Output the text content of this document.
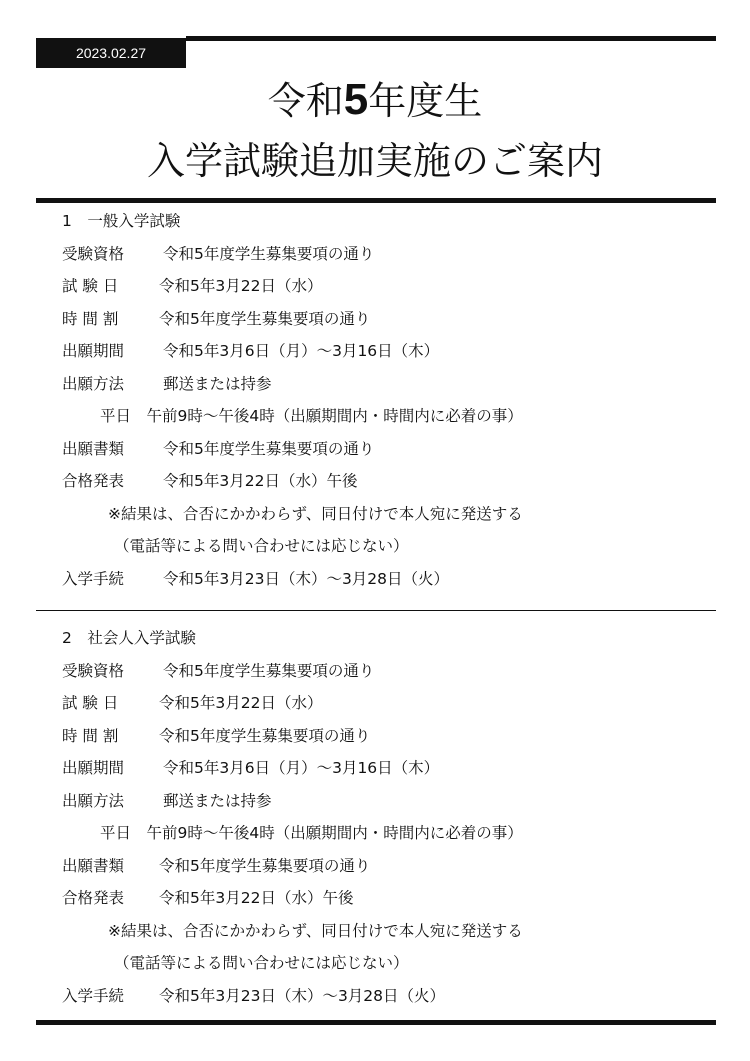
2023.02.27
令和5年度生
入学試験追加実施のご案内
1　一般入学試験
受験資格	令和5年度学生募集要項の通り
試 験 日	令和5年3月22日（水）
時 間 割	令和5年度学生募集要項の通り
出願期間	令和5年3月6日（月）～3月16日（木）
出願方法	郵送または持参
平日　午前9時～午後4時（出願期間内・時間内に必着の事）
出願書類	令和5年度学生募集要項の通り
合格発表	令和5年3月22日（水）午後
※結果は、合否にかかわらず、同日付けで本人宛に発送する
（電話等による問い合わせには応じない）
入学手続	令和5年3月23日（木）～3月28日（火）
2　社会人入学試験
受験資格	令和5年度学生募集要項の通り
試 験 日	令和5年3月22日（水）
時 間 割	令和5年度学生募集要項の通り
出願期間	令和5年3月6日（月）～3月16日（木）
出願方法	郵送または持参
平日　午前9時～午後4時（出願期間内・時間内に必着の事）
出願書類 令和5年度学生募集要項の通り
合格発表 令和5年3月22日（水）午後
※結果は、合否にかかわらず、同日付けで本人宛に発送する
（電話等による問い合わせには応じない）
入学手続 令和5年3月23日（木）～3月28日（火）
